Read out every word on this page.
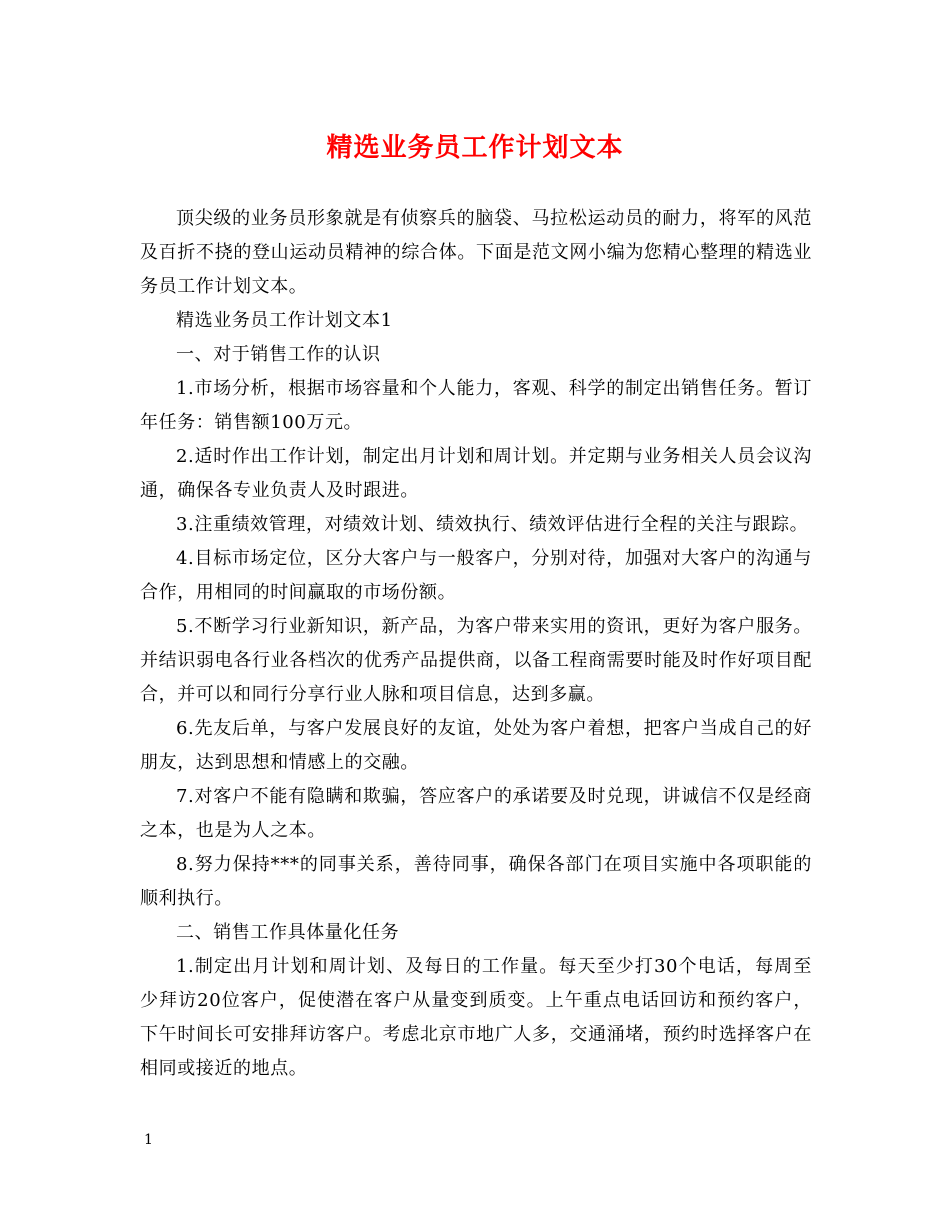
精选业务员工作计划文本

顶尖级的业务员形象就是有侦察兵的脑袋、马拉松运动员的耐力，将军的风范及百折不挠的登山运动员精神的综合体。下面是范文网小编为您精心整理的精选业务员工作计划文本。

精选业务员工作计划文本1

一、对于销售工作的认识

1.市场分析，根据市场容量和个人能力，客观、科学的制定出销售任务。暂订年任务：销售额100万元。

2.适时作出工作计划，制定出月计划和周计划。并定期与业务相关人员会议沟通，确保各专业负责人及时跟进。

3.注重绩效管理，对绩效计划、绩效执行、绩效评估进行全程的关注与跟踪。

4.目标市场定位，区分大客户与一般客户，分别对待，加强对大客户的沟通与合作，用相同的时间赢取的市场份额。

5.不断学习行业新知识，新产品，为客户带来实用的资讯，更好为客户服务。并结识弱电各行业各档次的优秀产品提供商，以备工程商需要时能及时作好项目配合，并可以和同行分享行业人脉和项目信息，达到多赢。

6.先友后单，与客户发展良好的友谊，处处为客户着想，把客户当成自己的好朋友，达到思想和情感上的交融。

7.对客户不能有隐瞒和欺骗，答应客户的承诺要及时兑现，讲诚信不仅是经商之本，也是为人之本。

8.努力保持***的同事关系，善待同事，确保各部门在项目实施中各项职能的顺利执行。

二、销售工作具体量化任务

1.制定出月计划和周计划、及每日的工作量。每天至少打30个电话，每周至少拜访20位客户，促使潜在客户从量变到质变。上午重点电话回访和预约客户，下午时间长可安排拜访客户。考虑北京市地广人多，交通涌堵，预约时选择客户在相同或接近的地点。

1
